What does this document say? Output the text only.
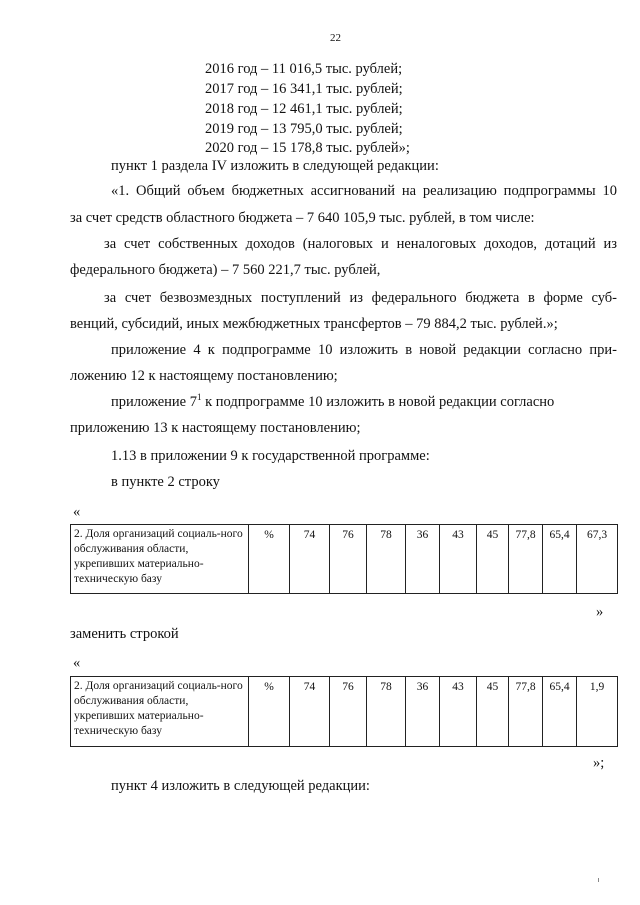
22
2016 год – 11 016,5 тыс. рублей;
2017 год – 16 341,1 тыс. рублей;
2018 год – 12 461,1 тыс. рублей;
2019 год – 13 795,0 тыс. рублей;
2020 год – 15 178,8 тыс. рублей»;
пункт 1 раздела IV изложить в следующей редакции:
«1. Общий объем бюджетных ассигнований на реализацию подпрограммы 10
за счет средств областного бюджета – 7 640 105,9 тыс. рублей, в том числе:
за счет собственных доходов (налоговых и неналоговых доходов, дотаций из
федерального бюджета) – 7 560 221,7 тыс. рублей,
за счет безвозмездных поступлений из федерального бюджета в форме суб-
венций, субсидий, иных межбюджетных трансфертов – 79 884,2 тыс. рублей.»;
приложение 4 к подпрограмме 10 изложить в новой редакции согласно при-
ложению 12 к настоящему постановлению;
приложение $7^1$ к подпрограмме 10 изложить в новой редакции согласно
приложению 13 к настоящему постановлению;
1.13 в приложении 9 к государственной программе:
в пункте 2 строку
«
2. Доля организаций социаль-ного обслуживания области, укрепивших материально-техническую базу	%	74	76	78	36	43	45	77,8	65,4	67,3
»
заменить строкой
«
2. Доля организаций социаль-ного обслуживания области, укрепивших материально-техническую базу	%	74	76	78	36	43	45	77,8	65,4	1,9
»;
пункт 4 изложить в следующей редакции:
